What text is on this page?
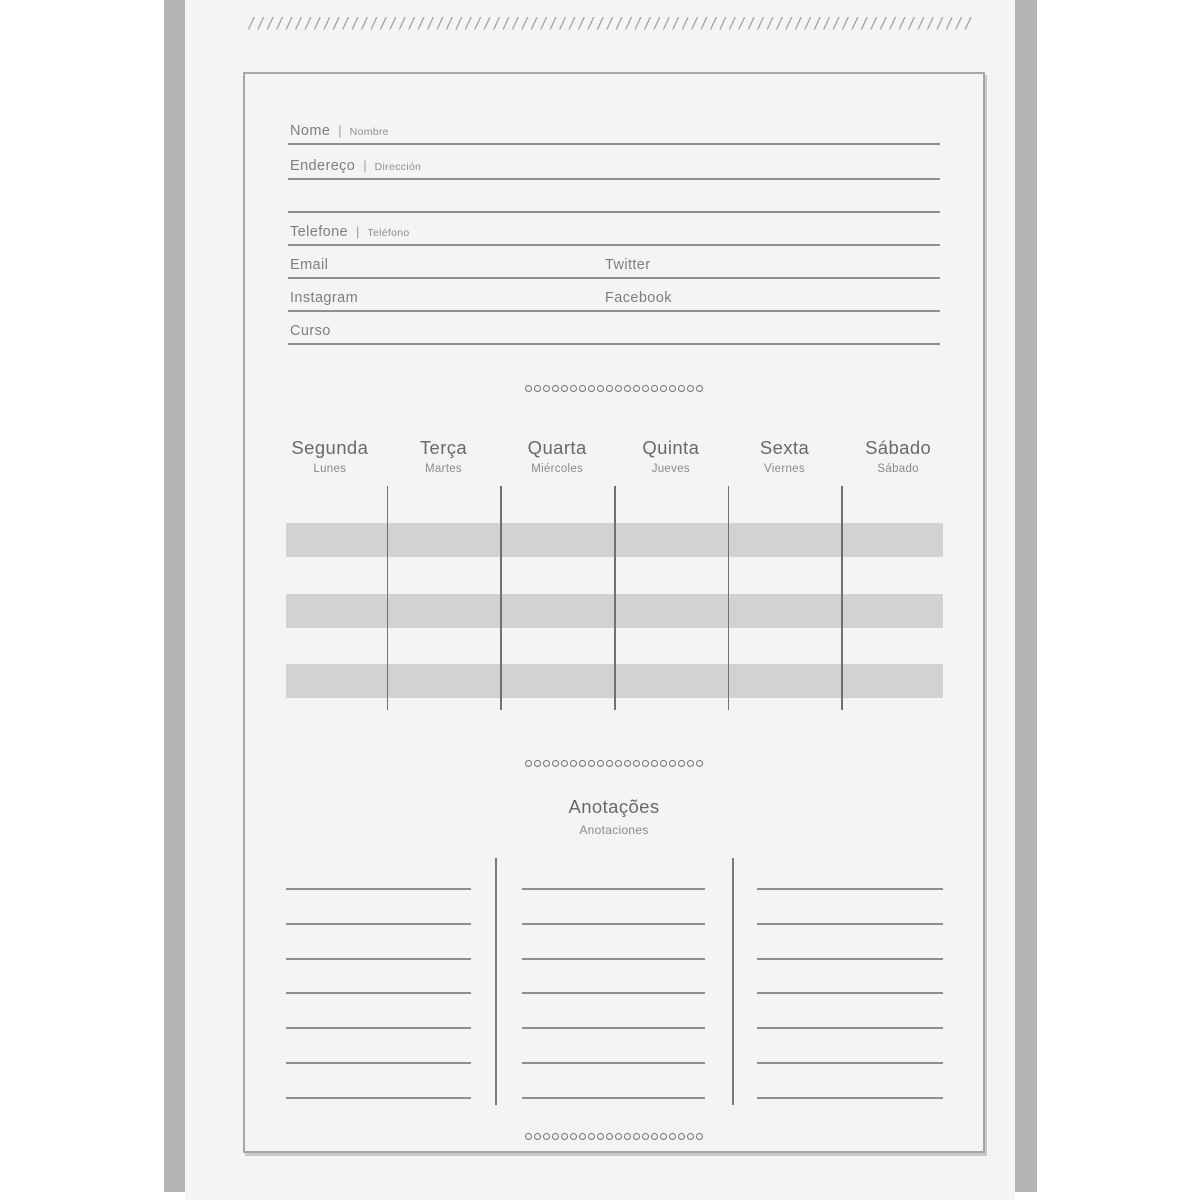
/////////////////////////////////////////////////////////////////////////////
Nome | Nombre
Endereço | Dirección
Telefone | Teléfono
Email	Twitter
Instagram	Facebook
Curso
Segunda
Lunes
Terça
Martes
Quarta
Miércoles
Quinta
Jueves
Sexta
Viernes
Sábado
Sábado
Anotações
Anotaciones
